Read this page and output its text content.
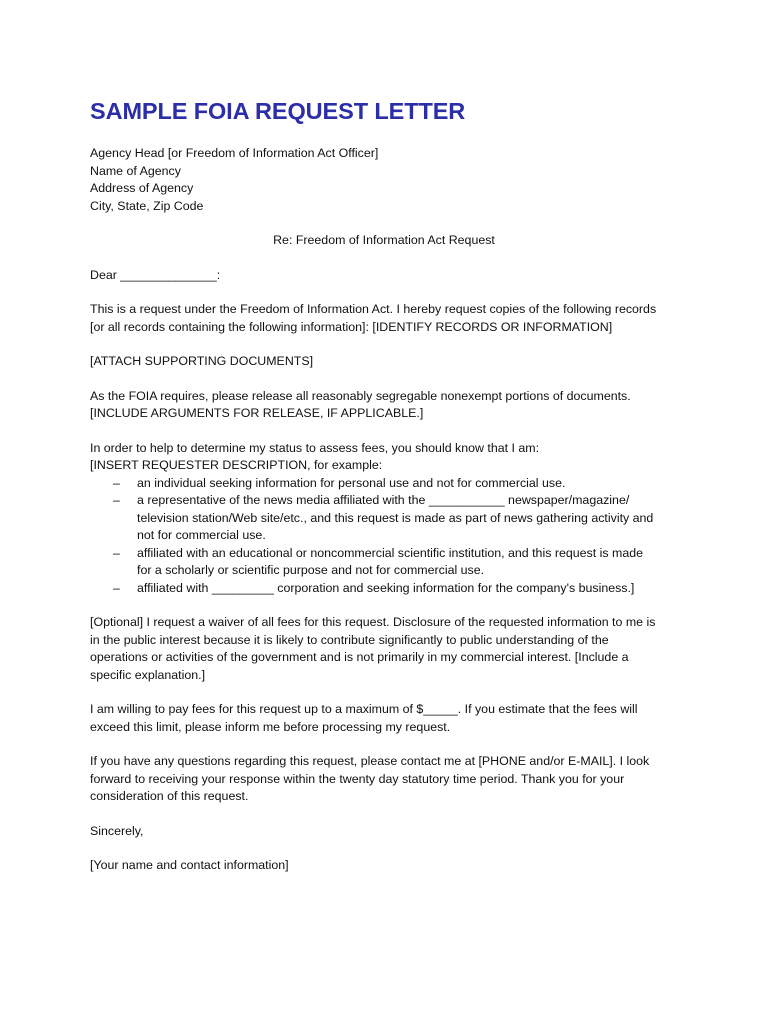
SAMPLE FOIA REQUEST LETTER
Agency Head [or Freedom of Information Act Officer]
Name of Agency
Address of Agency
City, State, Zip Code
Re: Freedom of Information Act Request
Dear ______________:
This is a request under the Freedom of Information Act. I hereby request copies of the following records
[or all records containing the following information]: [IDENTIFY RECORDS OR INFORMATION]
[ATTACH SUPPORTING DOCUMENTS]
As the FOIA requires, please release all reasonably segregable nonexempt portions of documents.
[INCLUDE ARGUMENTS FOR RELEASE, IF APPLICABLE.]
In order to help to determine my status to assess fees, you should know that I am:
[INSERT REQUESTER DESCRIPTION, for example:
– an individual seeking information for personal use and not for commercial use.
– a representative of the news media affiliated with the ___________ newspaper/magazine/
television station/Web site/etc., and this request is made as part of news gathering activity and
not for commercial use.
– affiliated with an educational or noncommercial scientific institution, and this request is made
for a scholarly or scientific purpose and not for commercial use.
– affiliated with _________ corporation and seeking information for the company's business.]
[Optional] I request a waiver of all fees for this request. Disclosure of the requested information to me is
in the public interest because it is likely to contribute significantly to public understanding of the
operations or activities of the government and is not primarily in my commercial interest. [Include a
specific explanation.]
I am willing to pay fees for this request up to a maximum of $_____. If you estimate that the fees will
exceed this limit, please inform me before processing my request.
If you have any questions regarding this request, please contact me at [PHONE and/or E-MAIL]. I look
forward to receiving your response within the twenty day statutory time period. Thank you for your
consideration of this request.
Sincerely,
[Your name and contact information]
